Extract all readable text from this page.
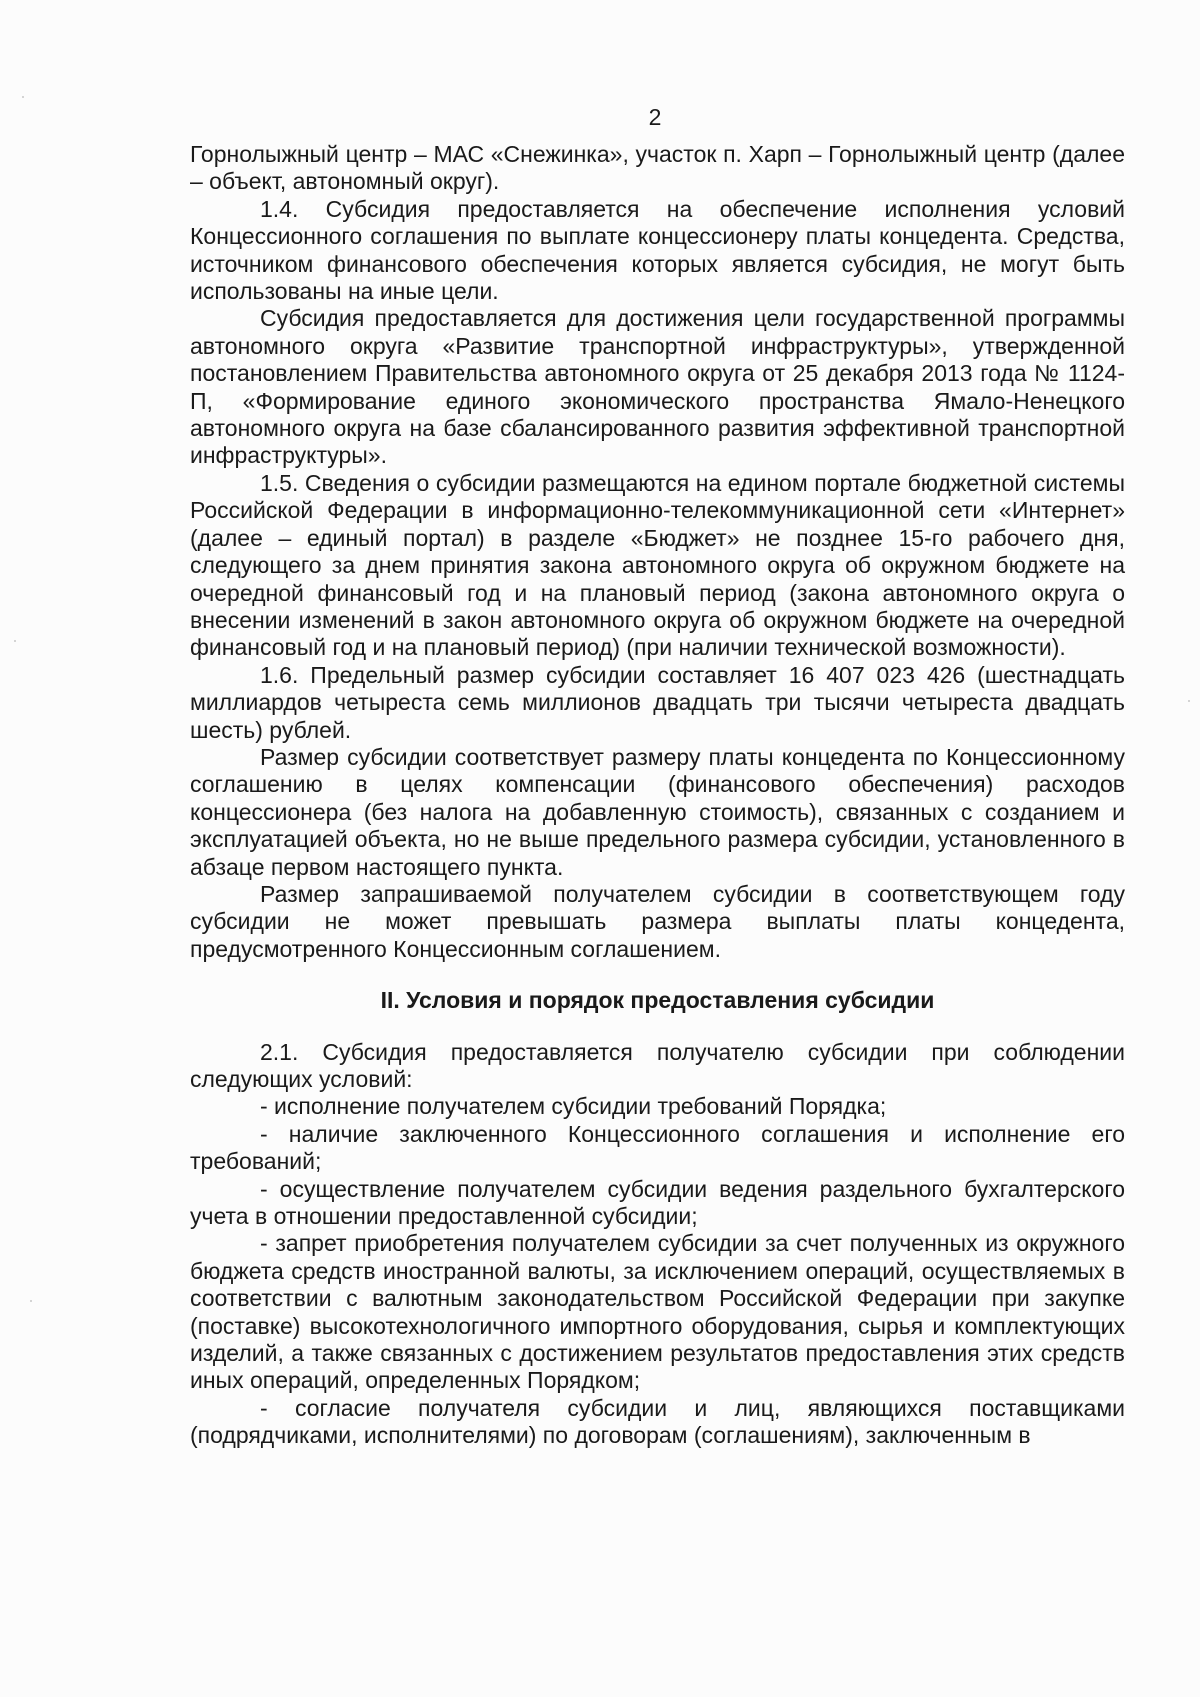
2

Горнолыжный центр – МАС «Снежинка», участок п. Харп – Горнолыжный центр (далее – объект, автономный округ).

1.4. Субсидия предоставляется на обеспечение исполнения условий Концессионного соглашения по выплате концессионеру платы концедента. Средства, источником финансового обеспечения которых является субсидия, не могут быть использованы на иные цели.

Субсидия предоставляется для достижения цели государственной программы автономного округа «Развитие транспортной инфраструктуры», утвержденной постановлением Правительства автономного округа от 25 декабря 2013 года № 1124-П, «Формирование единого экономического пространства Ямало-Ненецкого автономного округа на базе сбалансированного развития эффективной транспортной инфраструктуры».

1.5. Сведения о субсидии размещаются на едином портале бюджетной системы Российской Федерации в информационно-телекоммуникационной сети «Интернет» (далее – единый портал) в разделе «Бюджет» не позднее 15-го рабочего дня, следующего за днем принятия закона автономного округа об окружном бюджете на очередной финансовый год и на плановый период (закона автономного округа о внесении изменений в закон автономного округа об окружном бюджете на очередной финансовый год и на плановый период) (при наличии технической возможности).

1.6. Предельный размер субсидии составляет 16 407 023 426 (шестнадцать миллиардов четыреста семь миллионов двадцать три тысячи четыреста двадцать шесть) рублей.

Размер субсидии соответствует размеру платы концедента по Концессионному соглашению в целях компенсации (финансового обеспечения) расходов концессионера (без налога на добавленную стоимость), связанных с созданием и эксплуатацией объекта, но не выше предельного размера субсидии, установленного в абзаце первом настоящего пункта.

Размер запрашиваемой получателем субсидии в соответствующем году субсидии не может превышать размера выплаты платы концедента, предусмотренного Концессионным соглашением.

II. Условия и порядок предоставления субсидии

2.1. Субсидия предоставляется получателю субсидии при соблюдении следующих условий:

- исполнение получателем субсидии требований Порядка;

- наличие заключенного Концессионного соглашения и исполнение его требований;

- осуществление получателем субсидии ведения раздельного бухгалтерского учета в отношении предоставленной субсидии;

- запрет приобретения получателем субсидии за счет полученных из окружного бюджета средств иностранной валюты, за исключением операций, осуществляемых в соответствии с валютным законодательством Российской Федерации при закупке (поставке) высокотехнологичного импортного оборудования, сырья и комплектующих изделий, а также связанных с достижением результатов предоставления этих средств иных операций, определенных Порядком;

- согласие получателя субсидии и лиц, являющихся поставщиками (подрядчиками, исполнителями) по договорам (соглашениям), заключенным в
